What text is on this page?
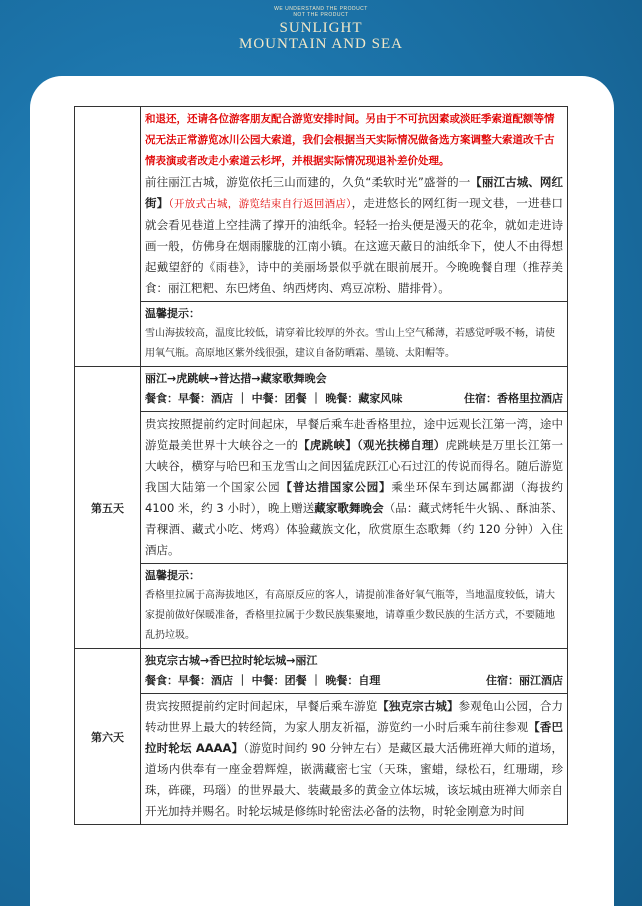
WE UNDERSTAND THE PRODUCT
NOT THE PRODUCT
SUNLIGHT
MOUNTAIN AND SEA

	和退还，还请各位游客朋友配合游览安排时间。另由于不可抗因素或淡旺季索道配额等情况无法正常游览冰川公园大索道，我们会根据当天实际情况做备选方案调整大索道改千古情表演或者改走小索道云杉坪，并根据实际情况现退补差价处理。
前往丽江古城，游览依托三山而建的，久负“柔软时光”盛誉的一【丽江古城、网红街】（开放式古城，游览结束自行返回酒店），走进悠长的网红街一现文巷，一进巷口就会看见巷道上空挂满了撑开的油纸伞。轻轻一抬头便是漫天的花伞，就如走进诗画一般，仿佛身在烟雨朦胧的江南小镇。在这遮天蔽日的油纸伞下，使人不由得想起戴望舒的《雨巷》，诗中的美丽场景似乎就在眼前展开。今晚晚餐自理（推荐美食：丽江粑粑、东巴烤鱼、纳西烤肉、鸡豆凉粉、腊排骨）。

	温馨提示：
雪山海拔较高，温度比较低，请穿着比较厚的外衣。雪山上空气稀薄，若感觉呼吸不畅，请使用氧气瓶。高原地区紫外线很强，建议自备防晒霜、墨镜、太阳帽等。

第五天	丽江→虎跳峡→普达措→藏家歌舞晚会
餐食：早餐：酒店 ｜ 中餐：团餐 ｜ 晚餐：藏家风味 住宿：香格里拉酒店

	贵宾按照提前约定时间起床，早餐后乘车赴香格里拉，途中远观长江第一湾，途中游览最美世界十大峡谷之一的【虎跳峡】（观光扶梯自理）虎跳峡是万里长江第一大峡谷，横穿与哈巴和玉龙雪山之间因猛虎跃江心石过江的传说而得名。随后游览我国大陆第一个国家公园【普达措国家公园】乘坐环保车到达属都湖（海拔约 4100 米，约 3 小时），晚上赠送藏家歌舞晚会（品：藏式烤牦牛火锅、、酥油茶、青稞酒、藏式小吃、烤鸡）体验藏族文化，欣赏原生态歌舞（约 120 分钟）入住酒店。

	温馨提示：
香格里拉属于高海拔地区，有高原反应的客人，请提前准备好氧气瓶等，当地温度较低，请大家提前做好保暖准备，香格里拉属于少数民族集聚地，请尊重少数民族的生活方式，不要随地乱扔垃圾。

第六天	独克宗古城→香巴拉时轮坛城→丽江
餐食：早餐：酒店 ｜ 中餐：团餐 ｜ 晚餐：自理 住宿：丽江酒店

	贵宾按照提前约定时间起床，早餐后乘车游览【独克宗古城】参观龟山公园，合力转动世界上最大的转经筒，为家人朋友祈福，游览约一小时后乘车前往参观【香巴拉时轮坛 AAAA】（游览时间约 90 分钟左右）是藏区最大活佛班禅大师的道场，道场内供奉有一座金碧辉煌，嵌满藏密七宝（天珠，蜜蜡，绿松石，红珊瑚，珍珠，砗磲，玛瑙）的世界最大、装藏最多的黄金立体坛城，该坛城由班禅大师亲自开光加持并赐名。时轮坛城是修练时轮密法必备的法物，时轮金刚意为时间
